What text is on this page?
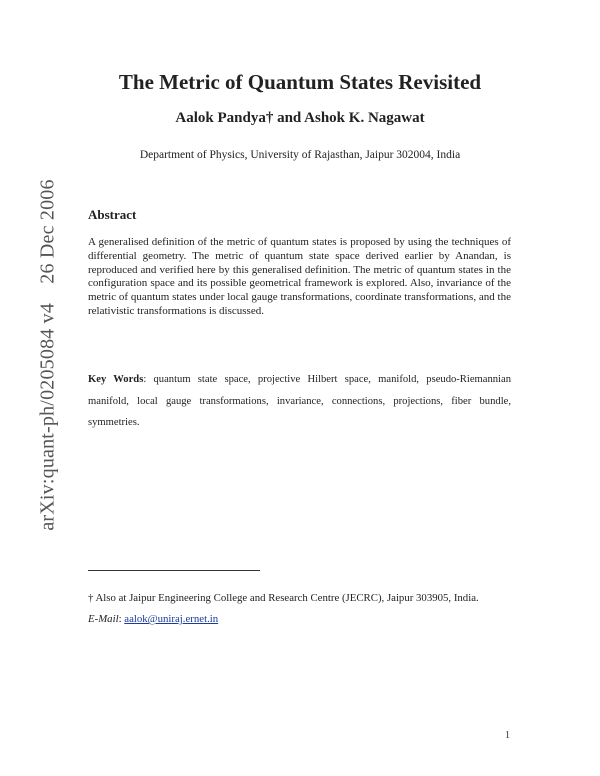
arXiv:quant-ph/0205084 v4 26 Dec 2006
The Metric of Quantum States Revisited
Aalok Pandya† and Ashok K. Nagawat
Department of Physics, University of Rajasthan, Jaipur 302004, India
Abstract
A generalised definition of the metric of quantum states is proposed by using the techniques of differential geometry. The metric of quantum state space derived earlier by Anandan, is reproduced and verified here by this generalised definition. The metric of quantum states in the configuration space and its possible geometrical framework is explored. Also, invariance of the metric of quantum states under local gauge transformations, coordinate transformations, and the relativistic transformations is discussed.
Key Words: quantum state space, projective Hilbert space, manifold, pseudo-Riemannian manifold, local gauge transformations, invariance, connections, projections, fiber bundle, symmetries.
† Also at Jaipur Engineering College and Research Centre (JECRC), Jaipur 303905, India.
E-Mail: aalok@uniraj.ernet.in
1
